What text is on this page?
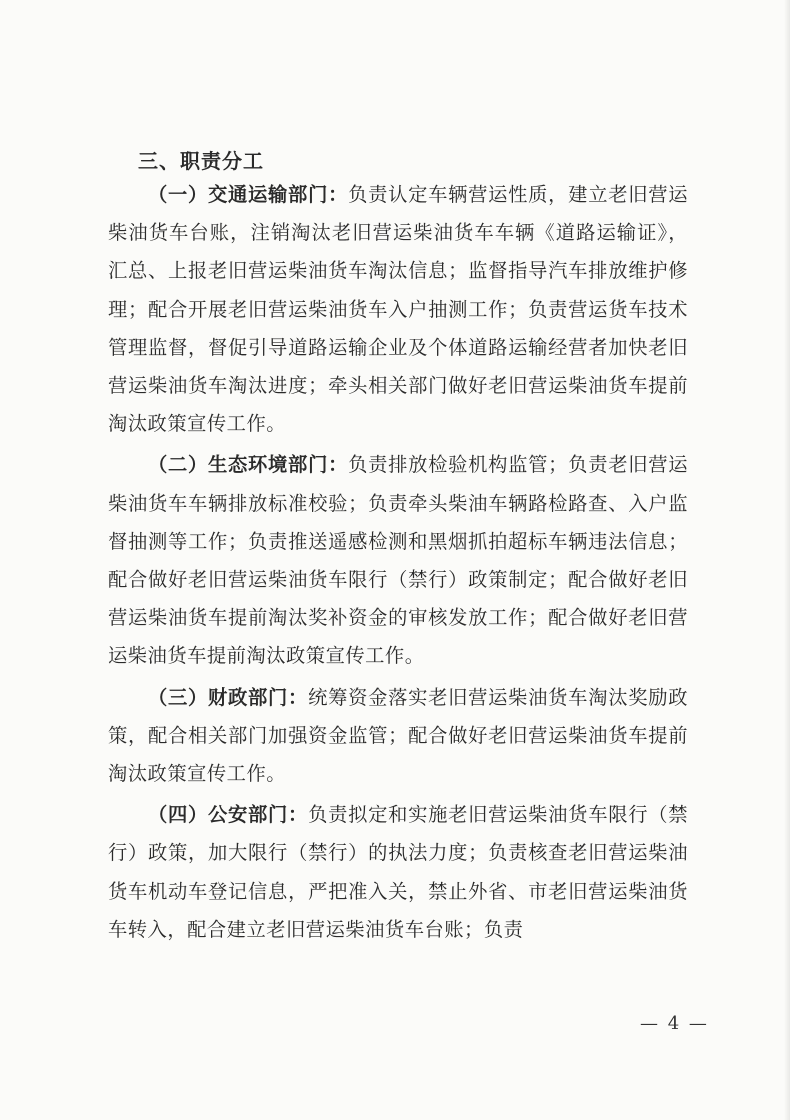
三、职责分工

（一）交通运输部门：负责认定车辆营运性质，建立老旧营运柴油货车台账，注销淘汰老旧营运柴油货车车辆《道路运输证》，汇总、上报老旧营运柴油货车淘汰信息；监督指导汽车排放维护修理；配合开展老旧营运柴油货车入户抽测工作；负责营运货车技术管理监督，督促引导道路运输企业及个体道路运输经营者加快老旧营运柴油货车淘汰进度；牵头相关部门做好老旧营运柴油货车提前淘汰政策宣传工作。

（二）生态环境部门：负责排放检验机构监管；负责老旧营运柴油货车车辆排放标准校验；负责牵头柴油车辆路检路查、入户监督抽测等工作；负责推送遥感检测和黑烟抓拍超标车辆违法信息；配合做好老旧营运柴油货车限行（禁行）政策制定；配合做好老旧营运柴油货车提前淘汰奖补资金的审核发放工作；配合做好老旧营运柴油货车提前淘汰政策宣传工作。

（三）财政部门：统筹资金落实老旧营运柴油货车淘汰奖励政策，配合相关部门加强资金监管；配合做好老旧营运柴油货车提前淘汰政策宣传工作。

（四）公安部门：负责拟定和实施老旧营运柴油货车限行（禁行）政策，加大限行（禁行）的执法力度；负责核查老旧营运柴油货车机动车登记信息，严把准入关，禁止外省、市老旧营运柴油货车转入，配合建立老旧营运柴油货车台账；负责

— 4 —
